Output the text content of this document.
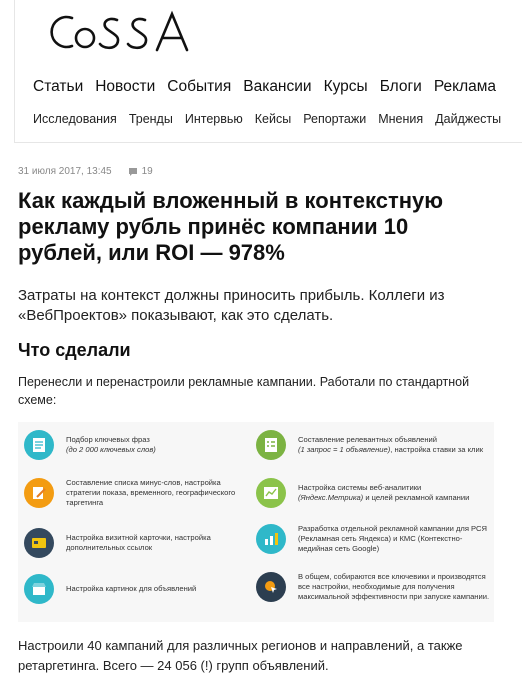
Статьи Новости События Вакансии Курсы Блоги Реклама
Исследования Тренды Интервью Кейсы Репортажи Мнения Дайджесты
31 июля 2017, 13:45	19
Как каждый вложенный в контекстную рекламу рубль принёс компании 10 рублей, или ROI — 978%

Затраты на контекст должны приносить прибыль. Коллеги из «ВебПроектов» показывают, как это сделать.

Что сделали

Перенесли и перенастроили рекламные кампании. Работали по стандартной схеме:

Подбор ключевых фраз
(до 2 000 ключевых слов)
Составление списка минус-слов, настройка стратегии показа, временного, географического таргетинга
Настройка визитной карточки, настройка дополнительных ссылок
Настройка картинок для объявлений
Составление релевантных объявлений
(1 запрос = 1 объявление), настройка ставки за клик
Настройка системы веб-аналитики
(Яндекс.Метрика) и целей рекламной кампании
Разработка отдельной рекламной кампании для РСЯ (Рекламная сеть Яндекса) и КМС (Контекстно-медийная сеть Google)
В общем, собираются все ключевики и производятся все настройки, необходимые для получения максимальной эффективности при запуске кампании.

Настроили 40 кампаний для различных регионов и направлений, а также ретаргетинга. Всего — 24 056 (!) групп объявлений.
